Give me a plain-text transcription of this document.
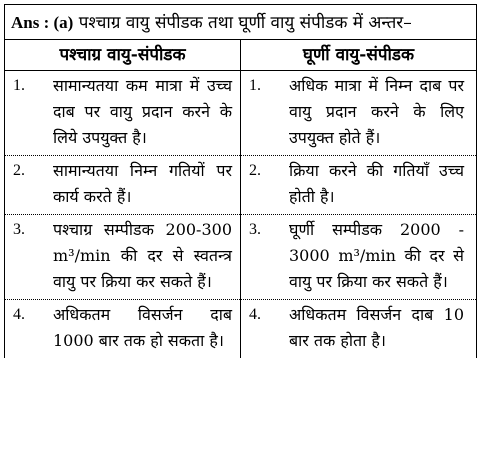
Ans : (a) पश्चाग्र वायु संपीडक तथा घूर्णी वायु संपीडक में अन्तर–
पश्चाग्र वायु-संपीडक	घूर्णी वायु-संपीडक

1. सामान्यतया कम मात्रा में उच्च दाब पर वायु प्रदान करने के लिये उपयुक्त है।	1. अधिक मात्रा में निम्न दाब पर वायु प्रदान करने के लिए उपयुक्त होते हैं।

2. सामान्यतया निम्न गतियों पर कार्य करते हैं।	2. क्रिया करने की गतियाँ उच्च होती है।

3. पश्चाग्र सम्पीडक 200-300 m³/min की दर से स्वतन्त्र वायु पर क्रिया कर सकते हैं।	3. घूर्णी सम्पीडक 2000 - 3000 m³/min की दर से वायु पर क्रिया कर सकते हैं।

4. अधिकतम विसर्जन दाब 1000 बार तक हो सकता है।	4. अधिकतम विसर्जन दाब 10 बार तक होता है।
